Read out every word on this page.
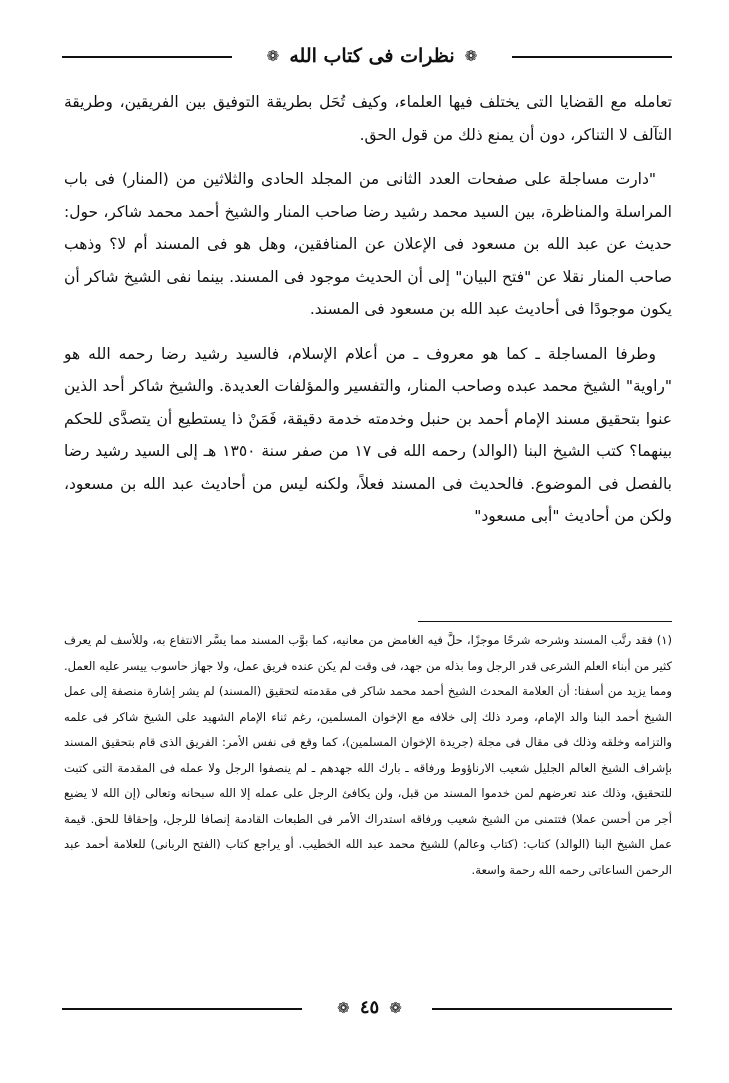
❁ نظرات فى كتاب الله ❁

تعامله مع القضايا التى يختلف فيها العلماء، وكيف تُحَل بطريقة التوفيق بين الفريقين، وطريقة التآلف لا التناكر، دون أن يمنع ذلك من قول الحق.

"دارت مساجلة على صفحات العدد الثانى من المجلد الحادى والثلاثين من (المنار) فى باب المراسلة والمناظرة، بين السيد محمد رشيد رضا صاحب المنار والشيخ أحمد محمد شاكر، حول: حديث عن عبد الله بن مسعود فى الإعلان عن المنافقين، وهل هو فى المسند أم لا؟ وذهب صاحب المنار نقلا عن "فتح البيان" إلى أن الحديث موجود فى المسند. بينما نفى الشيخ شاكر أن يكون موجودًا فى أحاديث عبد الله بن مسعود فى المسند.

وطرفا المساجلة ـ كما هو معروف ـ من أعلام الإسلام، فالسيد رشيد رضا رحمه الله هو "راوية" الشيخ محمد عبده وصاحب المنار، والتفسير والمؤلفات العديدة. والشيخ شاكر أحد الذين عنوا بتحقيق مسند الإمام أحمد بن حنبل وخدمته خدمة دقيقة، فَمَنْ ذا يستطيع أن يتصدَّى للحكم بينهما؟ كتب الشيخ البنا (الوالد) رحمه الله فى ١٧ من صفر سنة ١٣٥٠ هـ إلى السيد رشيد رضا بالفصل فى الموضوع. فالحديث فى المسند فعلاً، ولكنه ليس من أحاديث عبد الله بن مسعود، ولكن من أحاديث "أبى مسعود"

(١) فقد رتَّب المسند وشرحه شرحًا موجزًا، حلَّ فيه الغامض من معانيه، كما بوَّب المسند مما يسَّر الانتفاع به، وللأسف لم يعرف كثير من أبناء العلم الشرعى قدر الرجل وما بذله من جهد، فى وقت لم يكن عنده فريق عمل، ولا جهاز حاسوب ييسر عليه العمل. ومما يزيد من أسفنا: أن العلامة المحدث الشيخ أحمد محمد شاكر فى مقدمته لتحقيق (المسند) لم يشر إشارة منصفة إلى عمل الشيخ أحمد البنا والد الإمام، ومرد ذلك إلى خلافه مع الإخوان المسلمين، رغم ثناء الإمام الشهيد على الشيخ شاكر فى علمه والتزامه وخلقه وذلك فى مقال فى مجلة (جريدة الإخوان المسلمين)، كما وقع فى نفس الأمر: الفريق الذى قام بتحقيق المسند بإشراف الشيخ العالم الجليل شعيب الارناؤوط ورفاقه ـ بارك الله جهدهم ـ لم ينصفوا الرجل ولا عمله فى المقدمة التى كتبت للتحقيق، وذلك عند تعرضهم لمن خدموا المسند من قبل، ولن يكافئ الرجل على عمله إلا الله سبحانه وتعالى (إن الله لا يضيع أجر من أحسن عملا) فتتمنى من الشيخ شعيب ورفاقه استدراك الأمر فى الطبعات القادمة إنصافا للرجل، وإحقاقا للحق. قيمة عمل الشيخ البنا (الوالد) كتاب: (كتاب وعالم) للشيخ محمد عبد الله الخطيب. أو يراجع كتاب (الفتح الربانى) للعلامة أحمد عبد الرحمن الساعاتى رحمه الله رحمة واسعة.

❁ ٤٥ ❁
